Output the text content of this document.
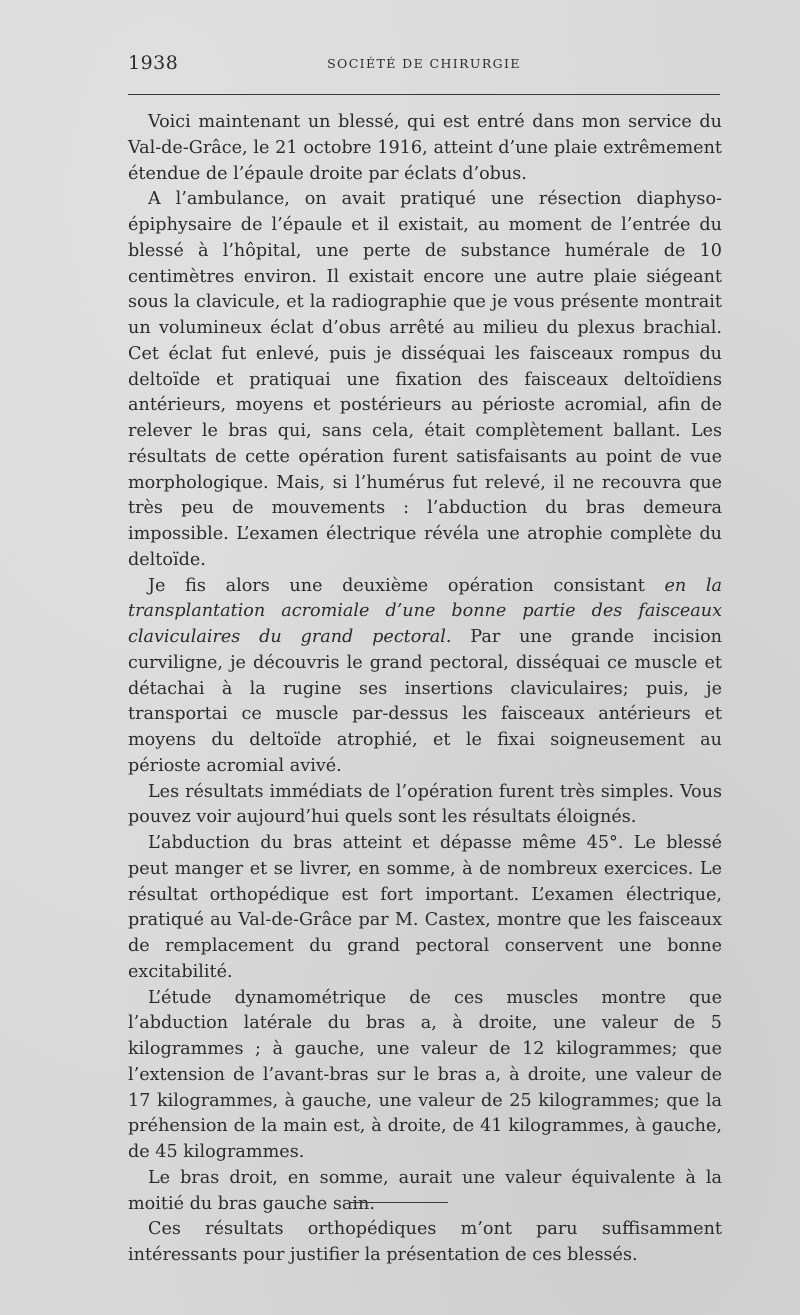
1938	SOCIÉTÉ DE CHIRURGIE

Voici maintenant un blessé, qui est entré dans mon service du Val-de-Grâce, le 21 octobre 1916, atteint d’une plaie extrêmement étendue de l’épaule droite par éclats d’obus.

A l’ambulance, on avait pratiqué une résection diaphyso-épiphysaire de l’épaule et il existait, au moment de l’entrée du blessé à l’hôpital, une perte de substance humérale de 10 centimètres environ. Il existait encore une autre plaie siégeant sous la clavicule, et la radiographie que je vous présente montrait un volumineux éclat d’obus arrêté au milieu du plexus brachial. Cet éclat fut enlevé, puis je disséquai les faisceaux rompus du deltoïde et pratiquai une fixation des faisceaux deltoïdiens antérieurs, moyens et postérieurs au périoste acromial, afin de relever le bras qui, sans cela, était complètement ballant. Les résultats de cette opération furent satisfaisants au point de vue morphologique. Mais, si l’humérus fut relevé, il ne recouvra que très peu de mouvements : l’abduction du bras demeura impossible. L’examen électrique révéla une atrophie complète du deltoïde.

Je fis alors une deuxième opération consistant en la transplantation acromiale d’une bonne partie des faisceaux claviculaires du grand pectoral. Par une grande incision curviligne, je découvris le grand pectoral, disséquai ce muscle et détachai à la rugine ses insertions claviculaires; puis, je transportai ce muscle par-dessus les faisceaux antérieurs et moyens du deltoïde atrophié, et le fixai soigneusement au périoste acromial avivé.

Les résultats immédiats de l’opération furent très simples. Vous pouvez voir aujourd’hui quels sont les résultats éloignés.

L’abduction du bras atteint et dépasse même 45°. Le blessé peut manger et se livrer, en somme, à de nombreux exercices. Le résultat orthopédique est fort important. L’examen électrique, pratiqué au Val-de-Grâce par M. Castex, montre que les faisceaux de remplacement du grand pectoral conservent une bonne excitabilité.

L’étude dynamométrique de ces muscles montre que l’abduction latérale du bras a, à droite, une valeur de 5 kilogrammes ; à gauche, une valeur de 12 kilogrammes; que l’extension de l’avant-bras sur le bras a, à droite, une valeur de 17 kilogrammes, à gauche, une valeur de 25 kilogrammes; que la préhension de la main est, à droite, de 41 kilogrammes, à gauche, de 45 kilogrammes.

Le bras droit, en somme, aurait une valeur équivalente à la moitié du bras gauche sain.

Ces résultats orthopédiques m’ont paru suffisamment intéressants pour justifier la présentation de ces blessés.
